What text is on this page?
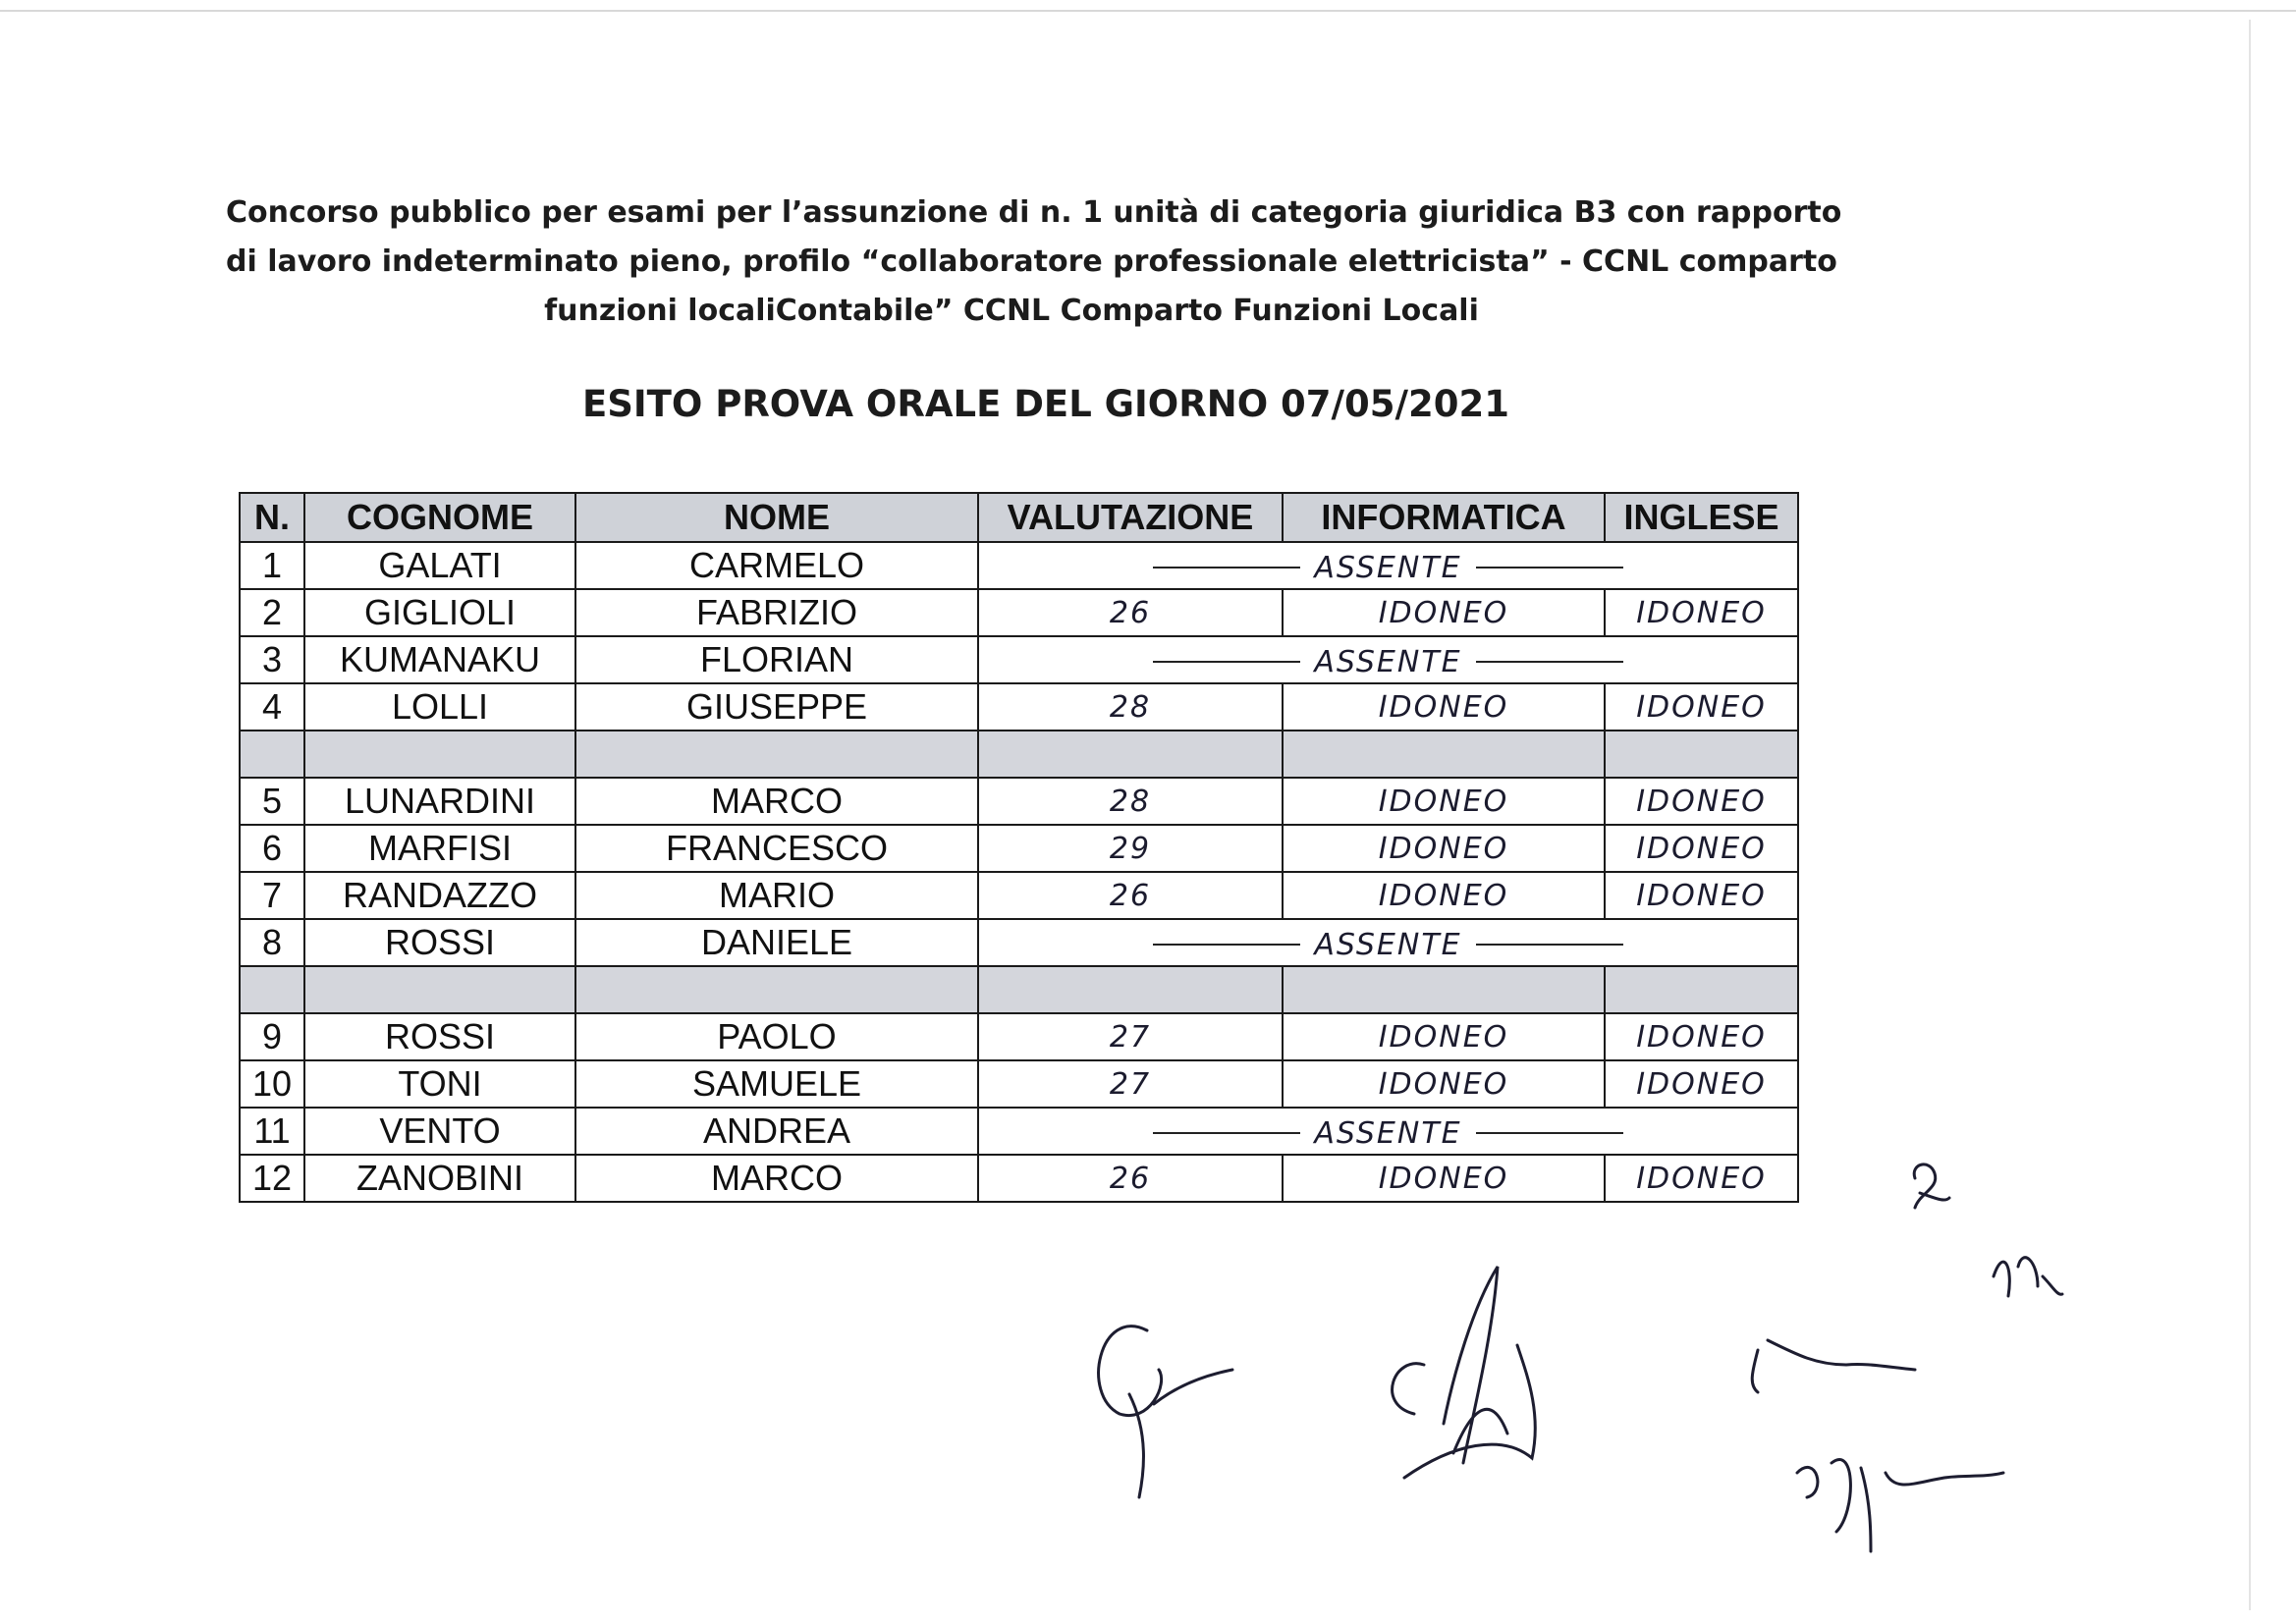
Concorso pubblico per esami per l’assunzione di n. 1 unità di categoria giuridica B3 con rapporto
di lavoro indeterminato pieno, profilo “collaboratore professionale elettricista” - CCNL comparto
funzioni localiContabile” CCNL Comparto Funzioni Locali
ESITO PROVA ORALE DEL GIORNO 07/05/2021
N.	COGNOME	NOME	VALUTAZIONE	INFORMATICA	INGLESE
1	GALATI	CARMELO	ASSENTE		
2	GIGLIOLI	FABRIZIO	26	IDONEO	IDONEO
3	KUMANAKU	FLORIAN	ASSENTE		
4	LOLLI	GIUSEPPE	28	IDONEO	IDONEO

5	LUNARDINI	MARCO	28	IDONEO	IDONEO
6	MARFISI	FRANCESCO	29	IDONEO	IDONEO
7	RANDAZZO	MARIO	26	IDONEO	IDONEO
8	ROSSI	DANIELE	ASSENTE		

9	ROSSI	PAOLO	27	IDONEO	IDONEO
10	TONI	SAMUELE	27	IDONEO	IDONEO
11	VENTO	ANDREA	ASSENTE		
12	ZANOBINI	MARCO	26	IDONEO	IDONEO
